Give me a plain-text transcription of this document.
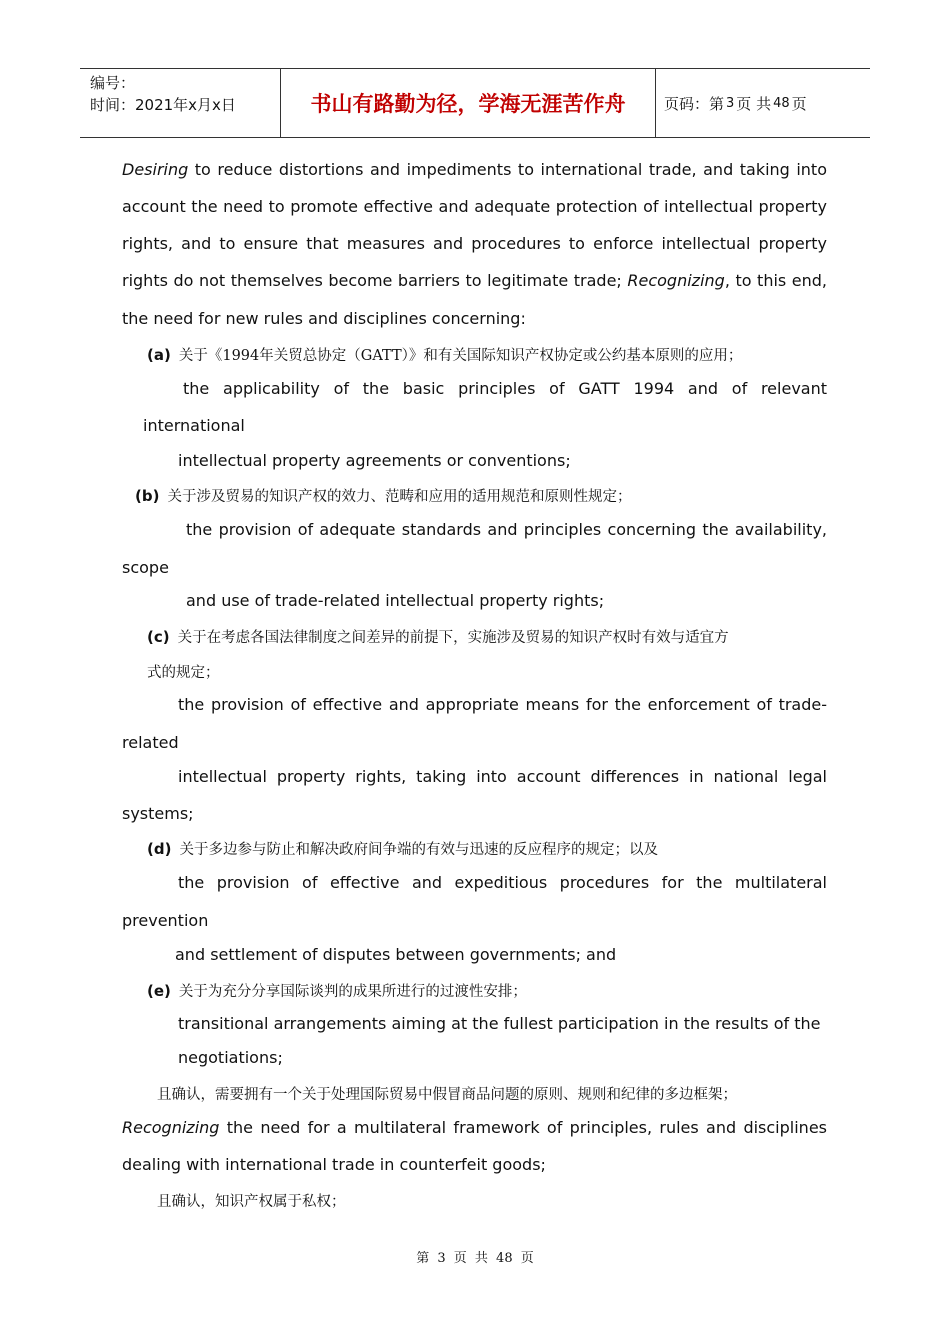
编号：
时间：2021年x月x日	书山有路勤为径，学海无涯苦作舟	页码：第 3 页 共 48 页
Desiring to reduce distortions and impediments to international trade, and taking into
account the need to promote effective and adequate protection of intellectual property
rights, and to ensure that measures and procedures to enforce intellectual property
rights do not themselves become barriers to legitimate trade; Recognizing, to this end,
the need for new rules and disciplines concerning:
(a) 关于《1994年关贸总协定（GATT）》和有关国际知识产权协定或公约基本原则的应用；
the applicability of the basic principles of GATT 1994 and of relevant
international
intellectual property agreements or conventions;
(b) 关于涉及贸易的知识产权的效力、范畴和应用的适用规范和原则性规定；
the provision of adequate standards and principles concerning the availability,
scope
and use of trade-related intellectual property rights;
(c) 关于在考虑各国法律制度之间差异的前提下，实施涉及贸易的知识产权时有效与适宜方
式的规定；
the provision of effective and appropriate means for the enforcement of trade-
related
intellectual property rights, taking into account differences in national legal
systems;
(d) 关于多边参与防止和解决政府间争端的有效与迅速的反应程序的规定；以及
the provision of effective and expeditious procedures for the multilateral
prevention
and settlement of disputes between governments; and
(e) 关于为充分分享国际谈判的成果所进行的过渡性安排；
transitional arrangements aiming at the fullest participation in the results of the
negotiations;
且确认，需要拥有一个关于处理国际贸易中假冒商品问题的原则、规则和纪律的多边框架；
Recognizing the need for a multilateral framework of principles, rules and disciplines
dealing with international trade in counterfeit goods;
且确认，知识产权属于私权；
第 3 页 共 48 页
